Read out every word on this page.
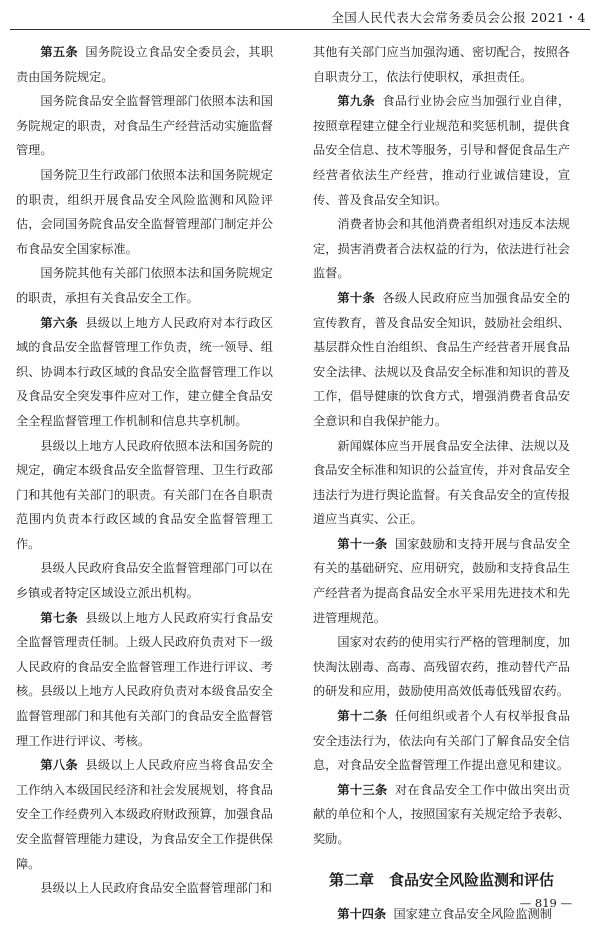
全国人民代表大会常务委员会公报 2021・4

第五条 国务院设立食品安全委员会，其职责由国务院规定。

国务院食品安全监督管理部门依照本法和国务院规定的职责，对食品生产经营活动实施监督管理。

国务院卫生行政部门依照本法和国务院规定的职责，组织开展食品安全风险监测和风险评估，会同国务院食品安全监督管理部门制定并公布食品安全国家标准。

国务院其他有关部门依照本法和国务院规定的职责，承担有关食品安全工作。

第六条 县级以上地方人民政府对本行政区域的食品安全监督管理工作负责，统一领导、组织、协调本行政区域的食品安全监督管理工作以及食品安全突发事件应对工作，建立健全食品安全全程监督管理工作机制和信息共享机制。

县级以上地方人民政府依照本法和国务院的规定，确定本级食品安全监督管理、卫生行政部门和其他有关部门的职责。有关部门在各自职责范围内负责本行政区域的食品安全监督管理工作。

县级人民政府食品安全监督管理部门可以在乡镇或者特定区域设立派出机构。

第七条 县级以上地方人民政府实行食品安全监督管理责任制。上级人民政府负责对下一级人民政府的食品安全监督管理工作进行评议、考核。县级以上地方人民政府负责对本级食品安全监督管理部门和其他有关部门的食品安全监督管理工作进行评议、考核。

第八条 县级以上人民政府应当将食品安全工作纳入本级国民经济和社会发展规划，将食品安全工作经费列入本级政府财政预算，加强食品安全监督管理能力建设，为食品安全工作提供保障。

县级以上人民政府食品安全监督管理部门和

其他有关部门应当加强沟通、密切配合，按照各自职责分工，依法行使职权，承担责任。

第九条 食品行业协会应当加强行业自律，按照章程建立健全行业规范和奖惩机制，提供食品安全信息、技术等服务，引导和督促食品生产经营者依法生产经营，推动行业诚信建设，宣传、普及食品安全知识。

消费者协会和其他消费者组织对违反本法规定，损害消费者合法权益的行为，依法进行社会监督。

第十条 各级人民政府应当加强食品安全的宣传教育，普及食品安全知识，鼓励社会组织、基层群众性自治组织、食品生产经营者开展食品安全法律、法规以及食品安全标准和知识的普及工作，倡导健康的饮食方式，增强消费者食品安全意识和自我保护能力。

新闻媒体应当开展食品安全法律、法规以及食品安全标准和知识的公益宣传，并对食品安全违法行为进行舆论监督。有关食品安全的宣传报道应当真实、公正。

第十一条 国家鼓励和支持开展与食品安全有关的基础研究、应用研究，鼓励和支持食品生产经营者为提高食品安全水平采用先进技术和先进管理规范。

国家对农药的使用实行严格的管理制度，加快淘汰剧毒、高毒、高残留农药，推动替代产品的研发和应用，鼓励使用高效低毒低残留农药。

第十二条 任何组织或者个人有权举报食品安全违法行为，依法向有关部门了解食品安全信息，对食品安全监督管理工作提出意见和建议。

第十三条 对在食品安全工作中做出突出贡献的单位和个人，按照国家有关规定给予表彰、奖励。

第二章 食品安全风险监测和评估

第十四条 国家建立食品安全风险监测制

— 819 —
